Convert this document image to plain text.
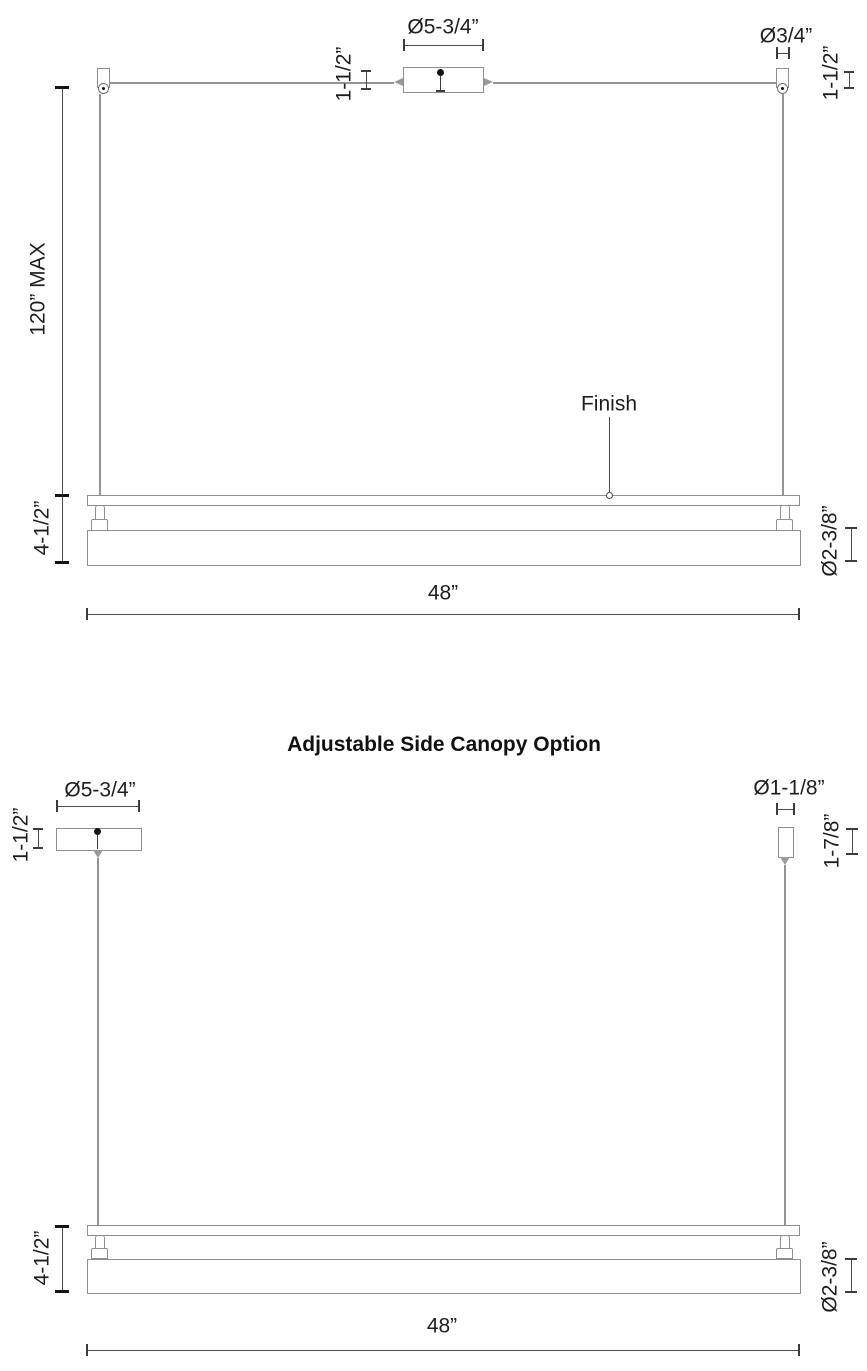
Ø5-3/4”
1-1/2”
Ø3/4”
1-1/2”
120” MAX
4-1/2”
Finish
Ø2-3/8”
48”
Adjustable Side Canopy Option
Ø5-3/4”
1-1/2”
Ø1-1/8”
1-7/8”
4-1/2”	Ø2-3/8”
48”
